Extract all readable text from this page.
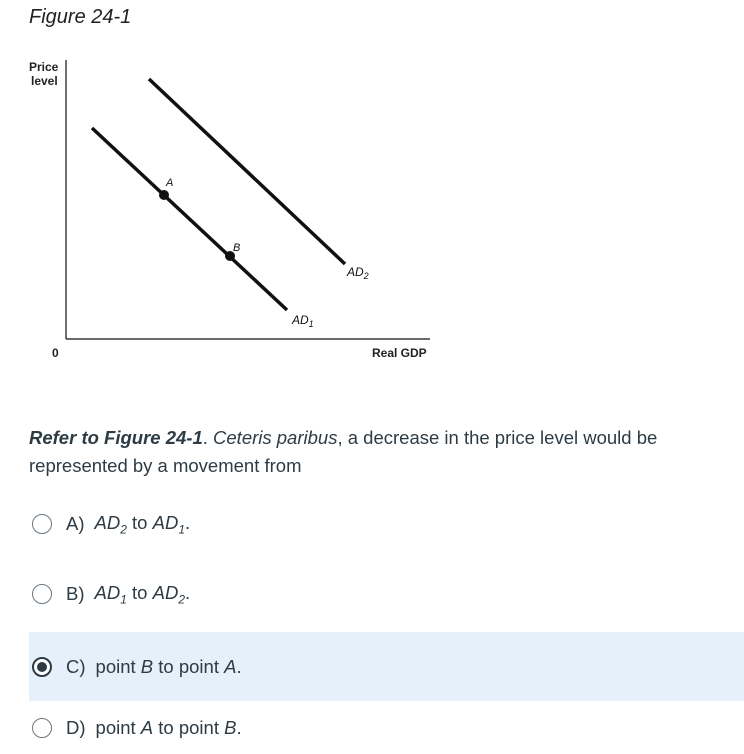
Figure 24-1
Price
level
0	Real GDP
$AD_2$
$AD_1$
A
B
Refer to Figure 24-1. Ceteris paribus, a decrease in the price level would be represented by a movement from
A) $AD_2$ to $AD_1$.
B) $AD_1$ to $AD_2$.
C) point B to point A.
D) point A to point B.
